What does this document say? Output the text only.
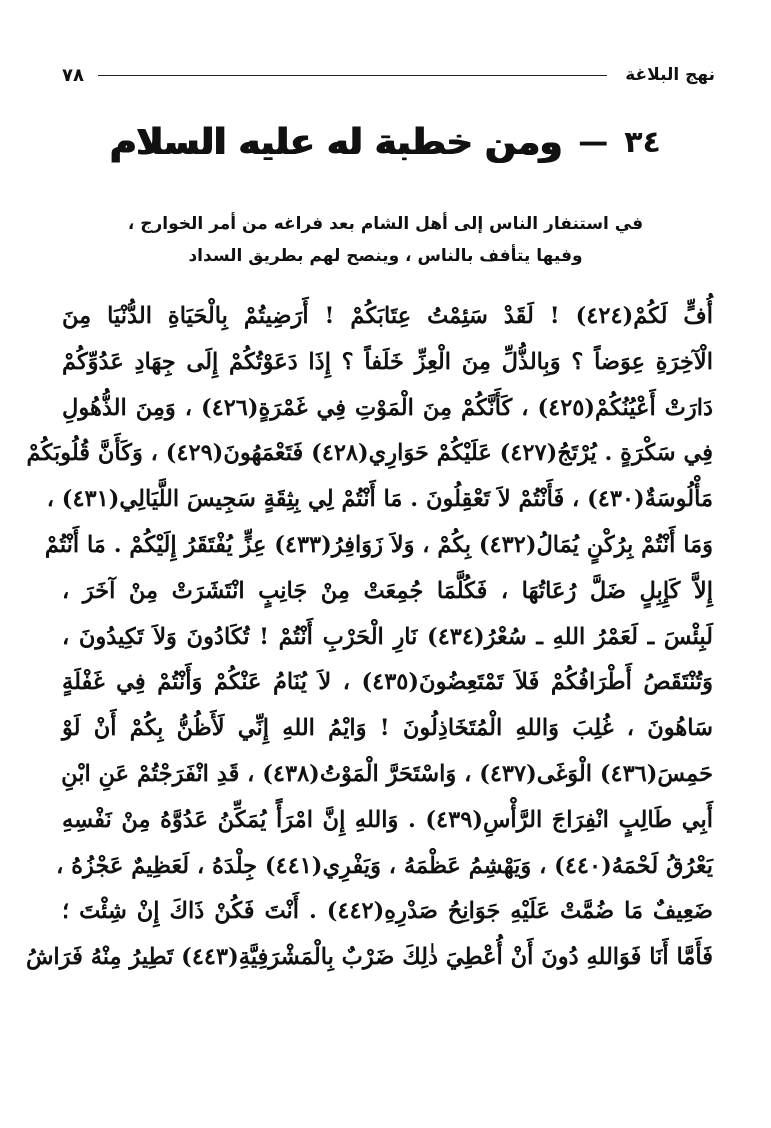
٧٨	نهج البلاغة
٣٤
—
ومن خطبة له عليه السلام
في استنفار الناس إلى أهل الشام بعد فراغه من أمر الخوارج ،
وفيها يتأفف بالناس ، وينصح لهم بطريق السداد
أُفٍّ لَكُمْ(٤٢٤) ! لَقَدْ سَئِمْتُ عِتَابَكُمْ ! أَرَضِيتُمْ بِالْحَيَاةِ الدُّنْيَا مِنَ
الْآخِرَةِ عِوَضاً ؟ وَبِالذُّلِّ مِنَ الْعِزِّ خَلَفاً ؟ إِذَا دَعَوْتُكُمْ إِلَى جِهَادِ عَدُوِّكُمْ
دَارَتْ أَعْيُنُكُمْ(٤٢٥) ، كَأَنَّكُمْ مِنَ الْمَوْتِ فِي غَمْرَةٍ(٤٢٦) ، وَمِنَ الذُّهُولِ
فِي سَكْرَةٍ . يُرْتَجُ(٤٢٧) عَلَيْكُمْ حَوَارِي(٤٢٨) فَتَعْمَهُونَ(٤٢٩) ، وَكَأَنَّ قُلُوبَكُمْ
مَأْلُوسَةٌ(٤٣٠) ، فَأَنْتُمْ لاَ تَعْقِلُونَ . مَا أَنْتُمْ لِي بِثِقَةٍ سَجِيسَ اللَّيَالِي(٤٣١) ،
وَمَا أَنْتُمْ بِرُكْنٍ يُمَالُ(٤٣٢) بِكُمْ ، وَلاَ زَوَافِرُ(٤٣٣) عِزٍّ يُفْتَقَرُ إِلَيْكُمْ . مَا أَنْتُمْ
إِلاَّ كَإِبِلٍ ضَلَّ رُعَاتُهَا ، فَكُلَّمَا جُمِعَتْ مِنْ جَانِبٍ انْتَشَرَتْ مِنْ آخَرَ ،
لَبِئْسَ ـ لَعَمْرُ اللهِ ـ سُعْرُ(٤٣٤) نَارِ الْحَرْبِ أَنْتُمْ ! تُكَادُونَ وَلاَ تَكِيدُونَ ،
وَتُنْتَقَصُ أَطْرَافُكُمْ فَلاَ تَمْتَعِضُونَ(٤٣٥) ، لاَ يُنَامُ عَنْكُمْ وَأَنْتُمْ فِي غَفْلَةٍ
سَاهُونَ ، غُلِبَ وَاللهِ الْمُتَخَاذِلُونَ ! وَايْمُ اللهِ إِنِّي لَأَظُنُّ بِكُمْ أَنْ لَوْ
حَمِسَ(٤٣٦) الْوَغَى(٤٣٧) ، وَاسْتَحَرَّ الْمَوْتُ(٤٣٨) ، قَدِ انْفَرَجْتُمْ عَنِ ابْنِ
أَبِي طَالِبٍ انْفِرَاجَ الرَّأْسِ(٤٣٩) . وَاللهِ إِنَّ امْرَأً يُمَكِّنُ عَدُوَّهُ مِنْ نَفْسِهِ
يَعْرُقُ لَحْمَهُ(٤٤٠) ، وَيَهْشِمُ عَظْمَهُ ، وَيَفْرِي(٤٤١) جِلْدَهُ ، لَعَظِيمٌ عَجْزُهُ ،
ضَعِيفٌ مَا ضُمَّتْ عَلَيْهِ جَوَانِحُ صَدْرِهِ(٤٤٢) . أَنْتَ فَكُنْ ذَاكَ إِنْ شِئْتَ ؛
فَأَمَّا أَنَا فَوَاللهِ دُونَ أَنْ أُعْطِيَ ذٰلِكَ ضَرْبٌ بِالْمَشْرَفِيَّةِ(٤٤٣) تَطِيرُ مِنْهُ فَرَاشُ
